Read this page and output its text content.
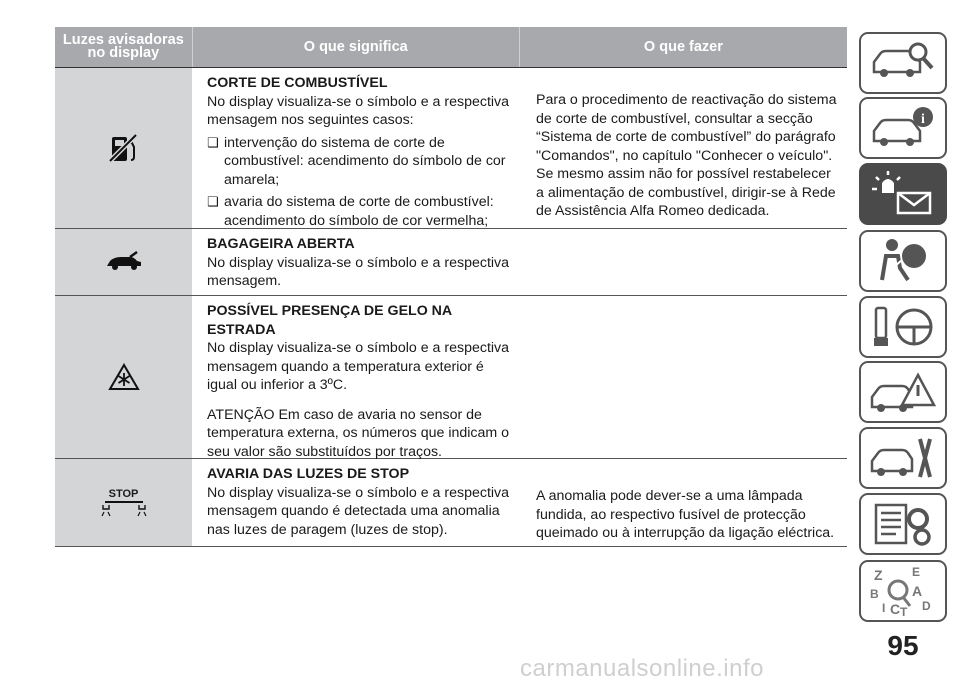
Luzes avisadoras no display	O que significa	O que fazer
CORTE DE COMBUSTÍVEL
No display visualiza-se o símbolo e a respectiva mensagem nos seguintes casos:
❑ intervenção do sistema de corte de combustível: acendimento do símbolo de cor amarela;
❑ avaria do sistema de corte de combustível: acendimento do símbolo de cor vermelha;
Para o procedimento de reactivação do sistema de corte de combustível, consultar a secção “Sistema de corte de combustível” do parágrafo "Comandos", no capítulo "Conhecer o veículo". Se mesmo assim não for possível restabelecer a alimentação de combustível, dirigir-se à Rede de Assistência Alfa Romeo dedicada.
BAGAGEIRA ABERTA
No display visualiza-se o símbolo e a respectiva mensagem.
POSSÍVEL PRESENÇA DE GELO NA ESTRADA
No display visualiza-se o símbolo e a respectiva mensagem quando a temperatura exterior é igual ou inferior a 3ºC.
ATENÇÃO Em caso de avaria no sensor de temperatura externa, os números que indicam o seu valor são substituídos por traços.
STOP
AVARIA DAS LUZES DE STOP
No display visualiza-se o símbolo e a respectiva mensagem quando é detectada uma anomalia nas luzes de paragem (luzes de stop).
A anomalia pode dever-se a uma lâmpada fundida, ao respectivo fusível de protecção queimado ou à interrupção da ligação eléctrica.
i
Z E
B A
I C T D
95
carmanualsonline.info
